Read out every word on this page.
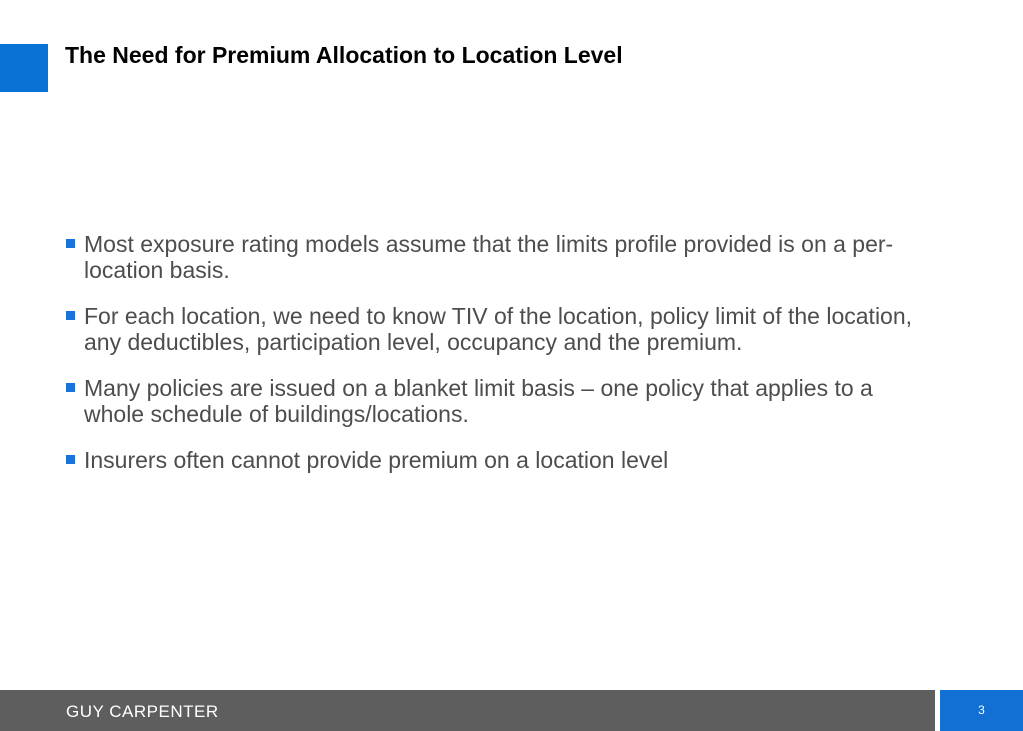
The Need for Premium Allocation to Location Level
Most exposure rating models assume that the limits profile provided is on a per-location basis.
For each location, we need to know TIV of the location, policy limit of the location, any deductibles, participation level, occupancy and the premium.
Many policies are issued on a blanket limit basis – one policy that applies to a whole schedule of buildings/locations.
Insurers often cannot provide premium on a location level
GUY CARPENTER	3
